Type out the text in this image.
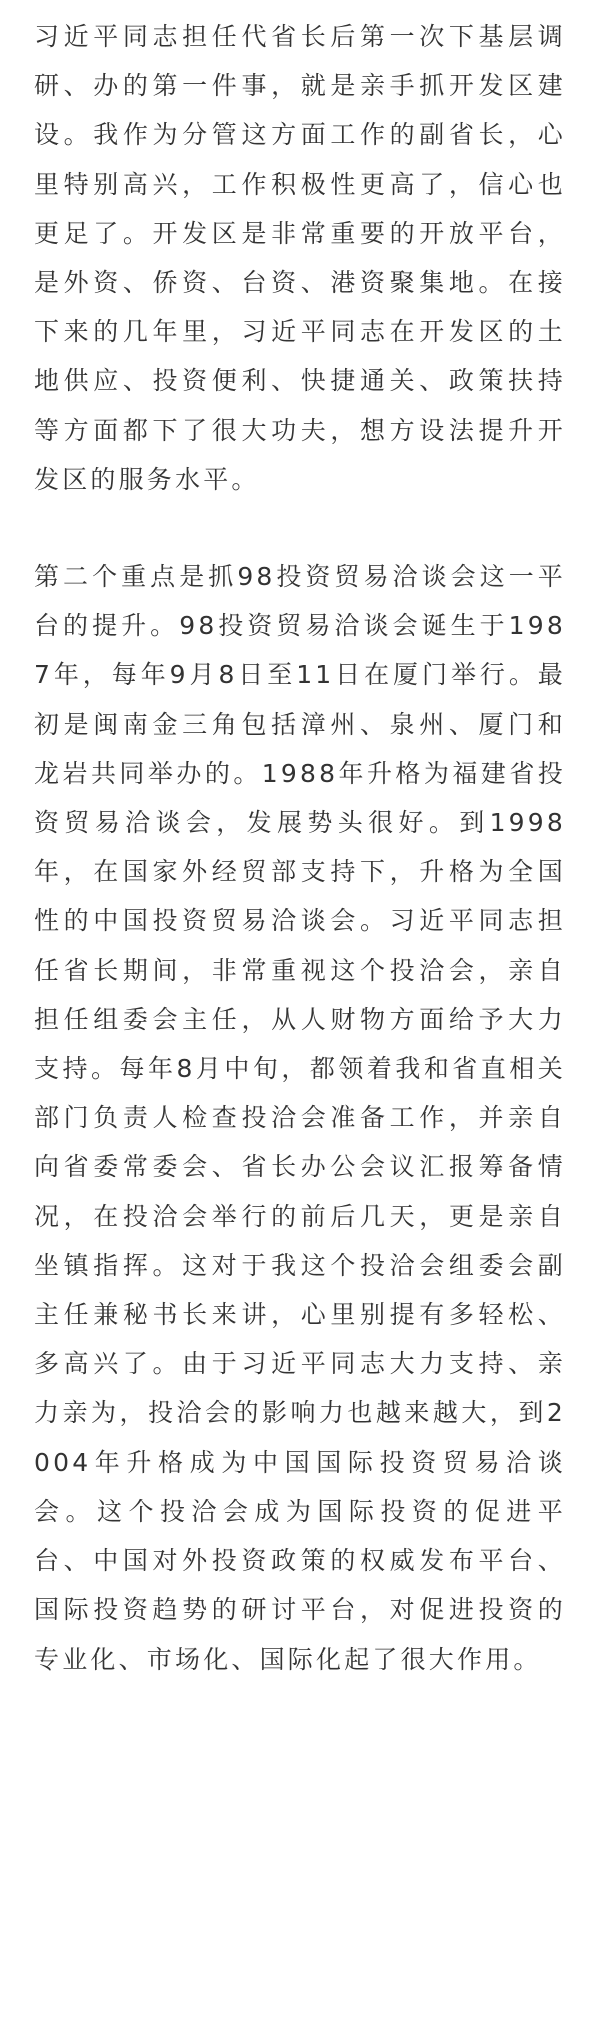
习近平同志担任代省长后第一次下基层调研、办的第一件事，就是亲手抓开发区建设。我作为分管这方面工作的副省长，心里特别高兴，工作积极性更高了，信心也更足了。开发区是非常重要的开放平台，是外资、侨资、台资、港资聚集地。在接下来的几年里，习近平同志在开发区的土地供应、投资便利、快捷通关、政策扶持等方面都下了很大功夫，想方设法提升开发区的服务水平。

第二个重点是抓98投资贸易洽谈会这一平台的提升。98投资贸易洽谈会诞生于1987年，每年9月8日至11日在厦门举行。最初是闽南金三角包括漳州、泉州、厦门和龙岩共同举办的。1988年升格为福建省投资贸易洽谈会，发展势头很好。到1998年，在国家外经贸部支持下，升格为全国性的中国投资贸易洽谈会。习近平同志担任省长期间，非常重视这个投洽会，亲自担任组委会主任，从人财物方面给予大力支持。每年8月中旬，都领着我和省直相关部门负责人检查投洽会准备工作，并亲自向省委常委会、省长办公会议汇报筹备情况，在投洽会举行的前后几天，更是亲自坐镇指挥。这对于我这个投洽会组委会副主任兼秘书长来讲，心里别提有多轻松、多高兴了。由于习近平同志大力支持、亲力亲为，投洽会的影响力也越来越大，到2004年升格成为中国国际投资贸易洽谈会。这个投洽会成为国际投资的促进平台、中国对外投资政策的权威发布平台、国际投资趋势的研讨平台，对促进投资的专业化、市场化、国际化起了很大作用。
